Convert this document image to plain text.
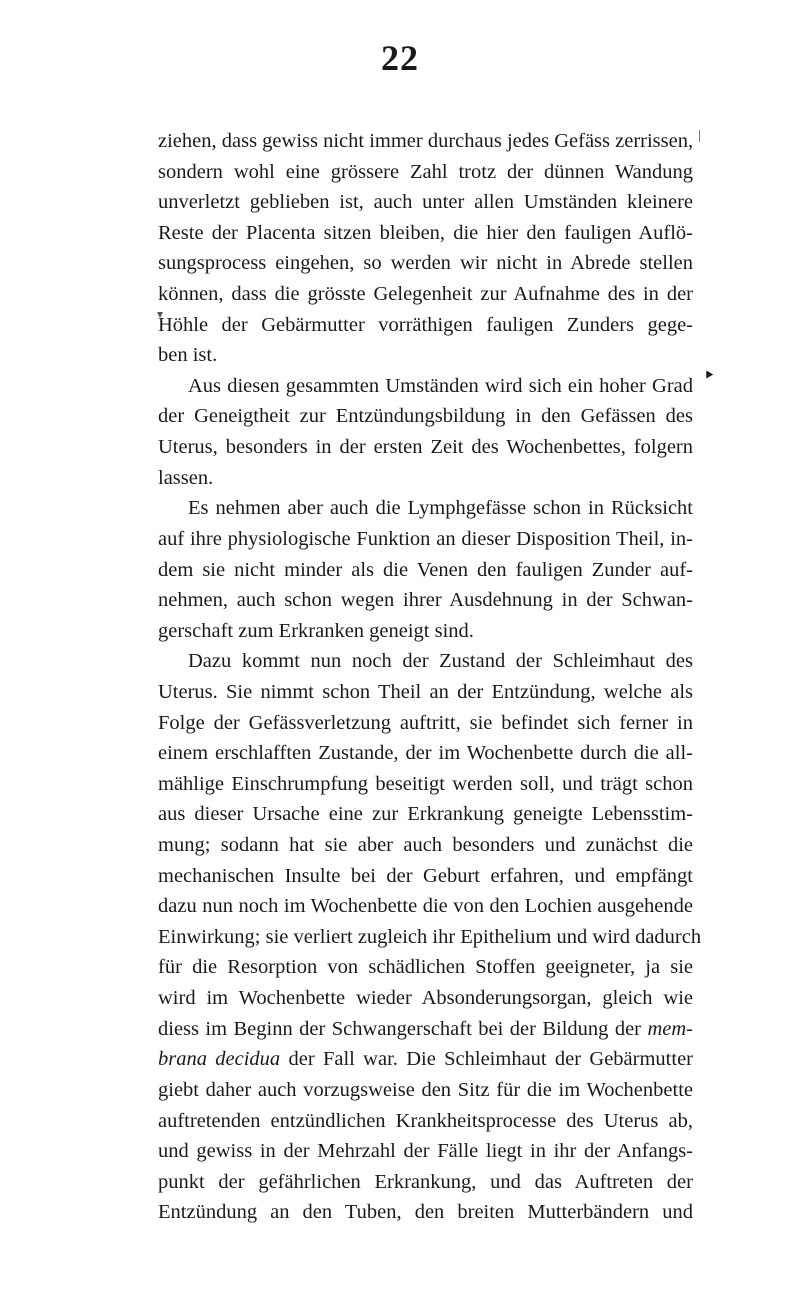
22
ziehen, dass gewiss nicht immer durchaus jedes Gefäss zerrissen,
sondern wohl eine grössere Zahl trotz der dünnen Wandung
unverletzt geblieben ist, auch unter allen Umständen kleinere
Reste der Placenta sitzen bleiben, die hier den fauligen Auflö-
sungsprocess eingehen, so werden wir nicht in Abrede stellen
können, dass die grösste Gelegenheit zur Aufnahme des in der
Höhle der Gebärmutter vorräthigen fauligen Zunders gege-
ben ist.
Aus diesen gesammten Umständen wird sich ein hoher Grad
der Geneigtheit zur Entzündungsbildung in den Gefässen des
Uterus, besonders in der ersten Zeit des Wochenbettes, folgern
lassen.
Es nehmen aber auch die Lymphgefässe schon in Rücksicht
auf ihre physiologische Funktion an dieser Disposition Theil, in-
dem sie nicht minder als die Venen den fauligen Zunder auf-
nehmen, auch schon wegen ihrer Ausdehnung in der Schwan-
gerschaft zum Erkranken geneigt sind.
Dazu kommt nun noch der Zustand der Schleimhaut des
Uterus. Sie nimmt schon Theil an der Entzündung, welche als
Folge der Gefässverletzung auftritt, sie befindet sich ferner in
einem erschlafften Zustande, der im Wochenbette durch die all-
mählige Einschrumpfung beseitigt werden soll, und trägt schon
aus dieser Ursache eine zur Erkrankung geneigte Lebensstim-
mung; sodann hat sie aber auch besonders und zunächst die
mechanischen Insulte bei der Geburt erfahren, und empfängt
dazu nun noch im Wochenbette die von den Lochien ausgehende
Einwirkung; sie verliert zugleich ihr Epithelium und wird dadurch
für die Resorption von schädlichen Stoffen geeigneter, ja sie
wird im Wochenbette wieder Absonderungsorgan, gleich wie
diess im Beginn der Schwangerschaft bei der Bildung der mem-
brana decidua der Fall war. Die Schleimhaut der Gebärmutter
giebt daher auch vorzugsweise den Sitz für die im Wochenbette
auftretenden entzündlichen Krankheitsprocesse des Uterus ab,
und gewiss in der Mehrzahl der Fälle liegt in ihr der Anfangs-
punkt der gefährlichen Erkrankung, und das Auftreten der
Entzündung an den Tuben, den breiten Mutterbändern und
